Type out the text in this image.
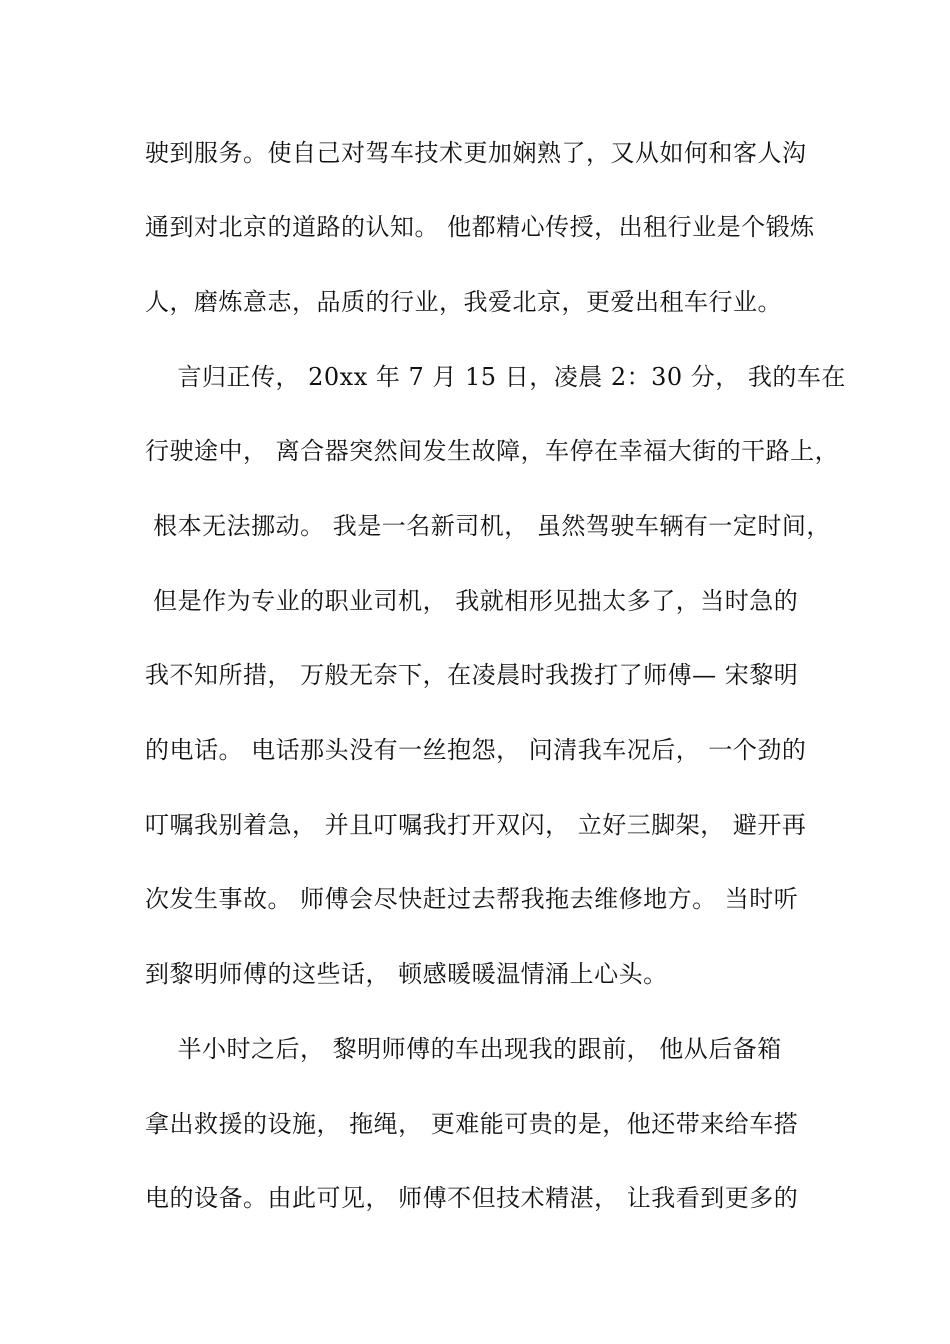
驶到服务。使自己对驾车技术更加娴熟了，又从如何和客人沟
通到对北京的道路的认知。 他都精心传授，出租行业是个锻炼
人，磨炼意志，品质的行业，我爱北京，更爱出租车行业。
言归正传， 20xx 年 7 月 15 日，凌晨 2：30 分， 我的车在
行驶途中， 离合器突然间发生故障，车停在幸福大街的干路上，
根本无法挪动。 我是一名新司机， 虽然驾驶车辆有一定时间，
但是作为专业的职业司机， 我就相形见拙太多了，当时急的
我不知所措， 万般无奈下，在凌晨时我拨打了师傅— 宋黎明
的电话。 电话那头没有一丝抱怨， 问清我车况后， 一个劲的
叮嘱我别着急， 并且叮嘱我打开双闪， 立好三脚架， 避开再
次发生事故。 师傅会尽快赶过去帮我拖去维修地方。 当时听
到黎明师傅的这些话， 顿感暖暖温情涌上心头。
半小时之后， 黎明师傅的车出现我的跟前， 他从后备箱
拿出救援的设施， 拖绳， 更难能可贵的是，他还带来给车搭
电的设备。由此可见， 师傅不但技术精湛， 让我看到更多的
